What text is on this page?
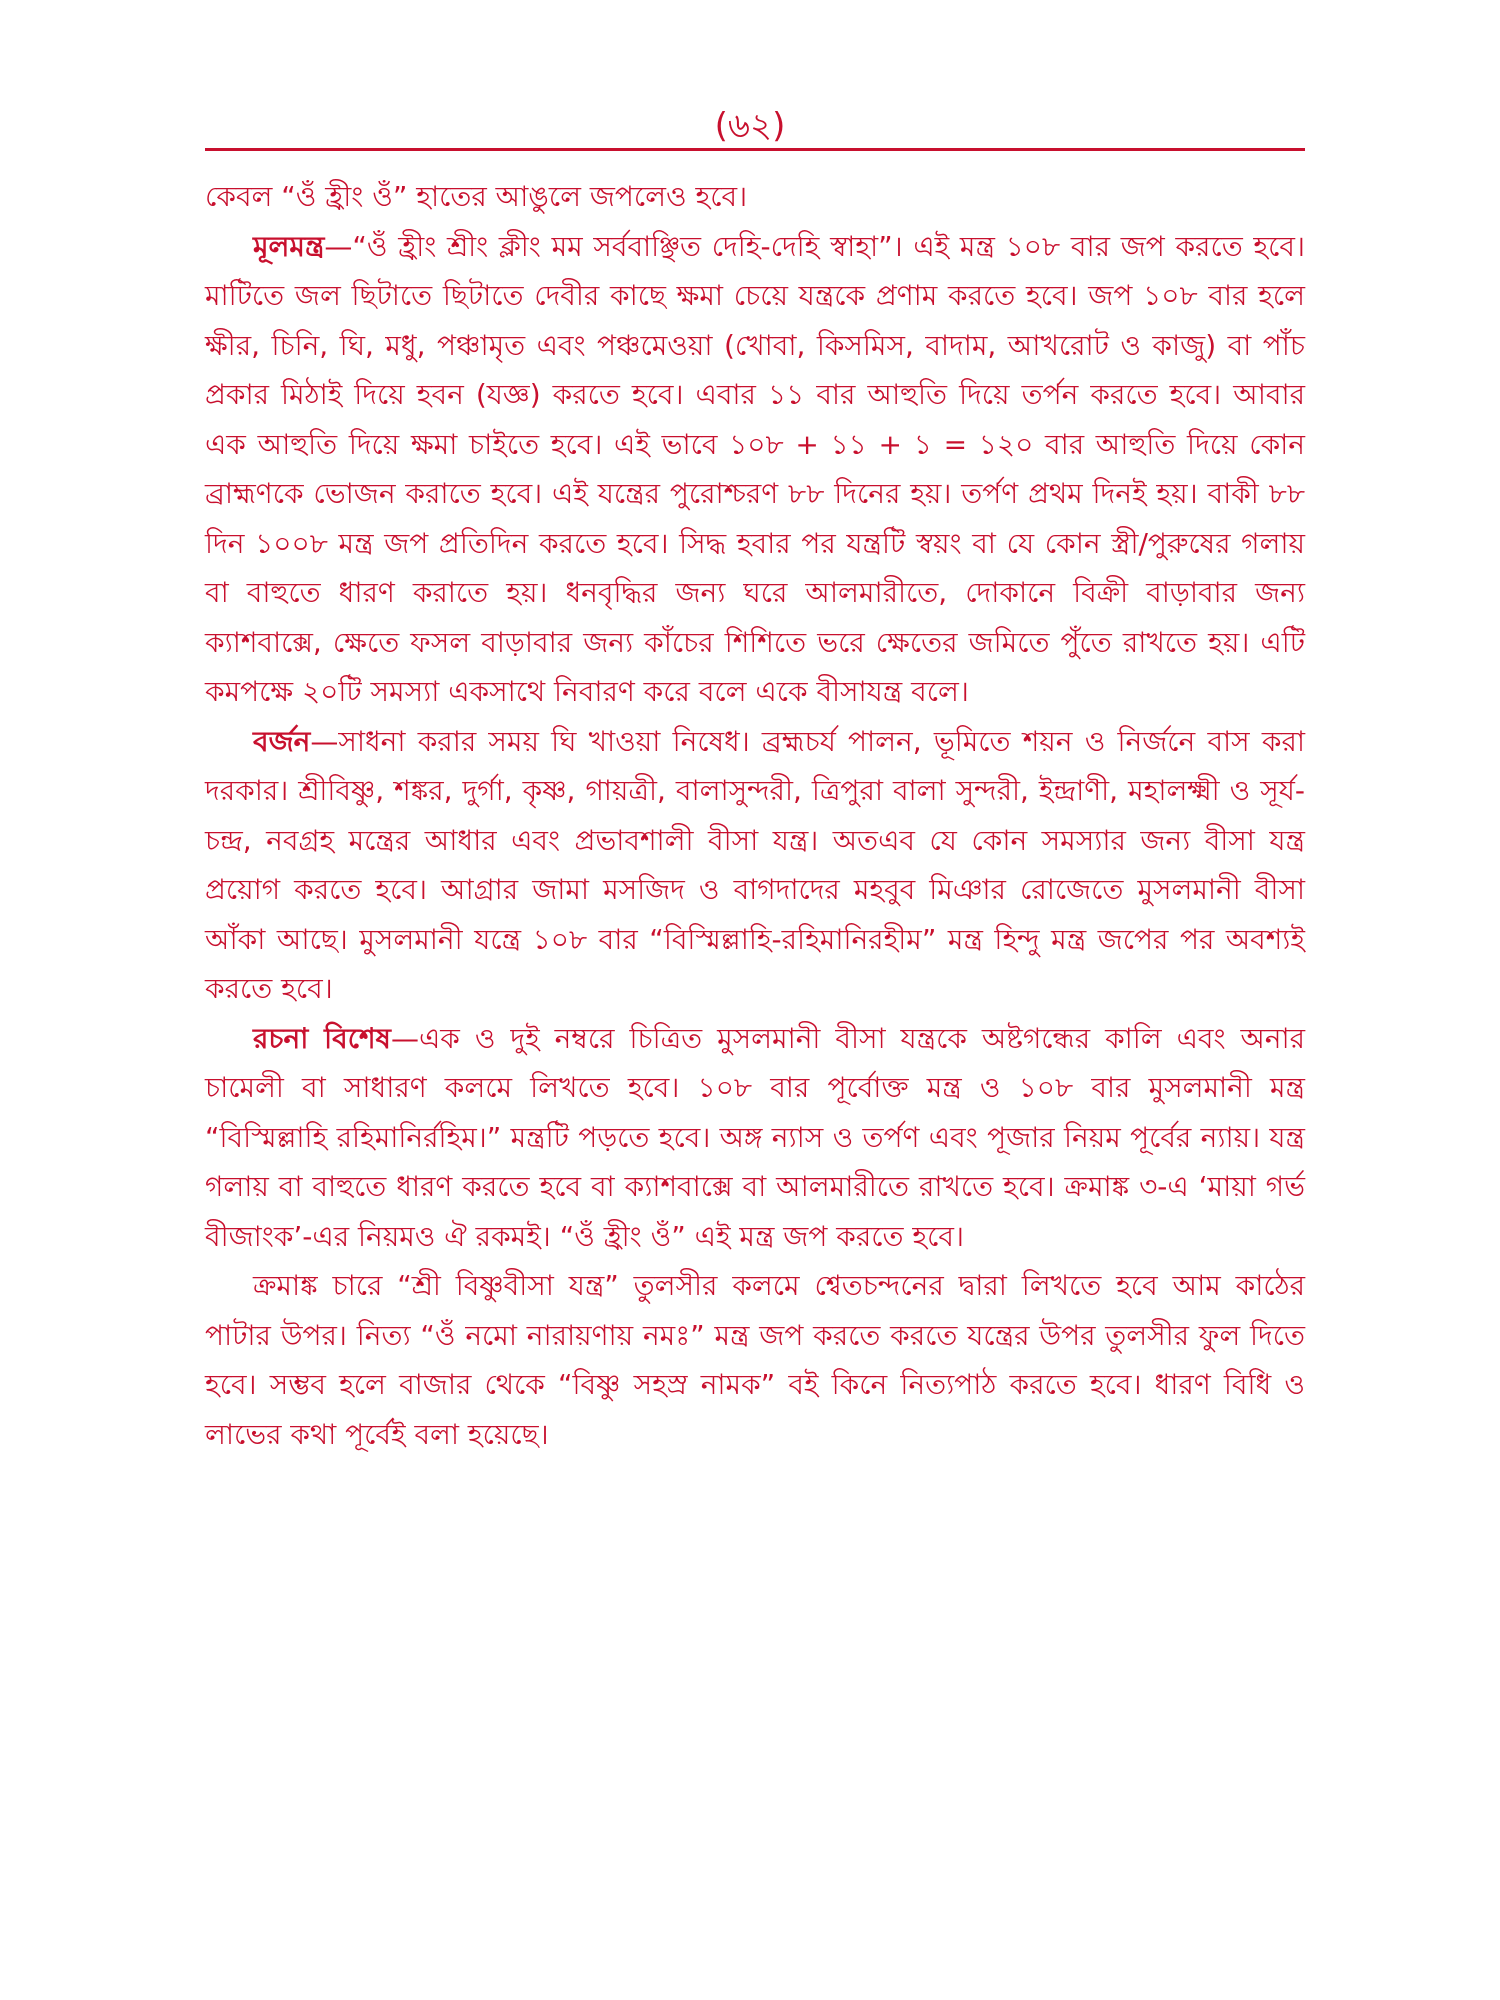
(৬২)

কেবল “ওঁ হ্রীং ওঁ” হাতের আঙুলে জপলেও হবে।

মূলমন্ত্র—“ওঁ হ্রীং শ্রীং ক্লীং মম সর্ববাঞ্ছিত দেহি-দেহি স্বাহা”। এই মন্ত্র ১০৮ বার জপ করতে হবে। মাটিতে জল ছিটাতে ছিটাতে দেবীর কাছে ক্ষমা চেয়ে যন্ত্রকে প্রণাম করতে হবে। জপ ১০৮ বার হলে ক্ষীর, চিনি, ঘি, মধু, পঞ্চামৃত এবং পঞ্চমেওয়া (খোবা, কিসমিস, বাদাম, আখরোট ও কাজু) বা পাঁচ প্রকার মিঠাই দিয়ে হবন (যজ্ঞ) করতে হবে। এবার ১১ বার আহুতি দিয়ে তর্পন করতে হবে। আবার এক আহুতি দিয়ে ক্ষমা চাইতে হবে। এই ভাবে ১০৮ + ১১ + ১ = ১২০ বার আহুতি দিয়ে কোন ব্রাহ্মণকে ভোজন করাতে হবে। এই যন্ত্রের পুরোশ্চরণ ৮৮ দিনের হয়। তর্পণ প্রথম দিনই হয়। বাকী ৮৮ দিন ১০০৮ মন্ত্র জপ প্রতিদিন করতে হবে। সিদ্ধ হবার পর যন্ত্রটি স্বয়ং বা যে কোন স্ত্রী/পুরুষের গলায় বা বাহুতে ধারণ করাতে হয়। ধনবৃদ্ধির জন্য ঘরে আলমারীতে, দোকানে বিক্রী বাড়াবার জন্য ক্যাশবাক্সে, ক্ষেতে ফসল বাড়াবার জন্য কাঁচের শিশিতে ভরে ক্ষেতের জমিতে পুঁতে রাখতে হয়। এটি কমপক্ষে ২০টি সমস্যা একসাথে নিবারণ করে বলে একে বীসাযন্ত্র বলে।

বর্জন—সাধনা করার সময় ঘি খাওয়া নিষেধ। ব্রহ্মচর্য পালন, ভূমিতে শয়ন ও নির্জনে বাস করা দরকার। শ্রীবিষ্ণু, শঙ্কর, দুর্গা, কৃষ্ণ, গায়ত্রী, বালাসুন্দরী, ত্রিপুরা বালা সুন্দরী, ইন্দ্রাণী, মহালক্ষ্মী ও সূর্য-চন্দ্র, নবগ্রহ মন্ত্রের আধার এবং প্রভাবশালী বীসা যন্ত্র। অতএব যে কোন সমস্যার জন্য বীসা যন্ত্র প্রয়োগ করতে হবে। আগ্রার জামা মসজিদ ও বাগদাদের মহবুব মিঞার রোজেতে মুসলমানী বীসা আঁকা আছে। মুসলমানী যন্ত্রে ১০৮ বার “বিস্মিল্লাহি-রহিমানিরহীম” মন্ত্র হিন্দু মন্ত্র জপের পর অবশ্যই করতে হবে।

রচনা বিশেষ—এক ও দুই নম্বরে চিত্রিত মুসলমানী বীসা যন্ত্রকে অষ্টগন্ধের কালি এবং অনার চামেলী বা সাধারণ কলমে লিখতে হবে। ১০৮ বার পূর্বোক্ত মন্ত্র ও ১০৮ বার মুসলমানী মন্ত্র “বিস্মিল্লাহি রহিমানির্রহিম।” মন্ত্রটি পড়তে হবে। অঙ্গ ন্যাস ও তর্পণ এবং পূজার নিয়ম পূর্বের ন্যায়। যন্ত্র গলায় বা বাহুতে ধারণ করতে হবে বা ক্যাশবাক্সে বা আলমারীতে রাখতে হবে। ক্রমাঙ্ক ৩-এ ‘মায়া গর্ভ বীজাংক’-এর নিয়মও ঐ রকমই। “ওঁ হ্রীং ওঁ” এই মন্ত্র জপ করতে হবে।

ক্রমাঙ্ক চারে “শ্রী বিষ্ণুবীসা যন্ত্র” তুলসীর কলমে শ্বেতচন্দনের দ্বারা লিখতে হবে আম কাঠের পাটার উপর। নিত্য “ওঁ নমো নারায়ণায় নমঃ” মন্ত্র জপ করতে করতে যন্ত্রের উপর তুলসীর ফুল দিতে হবে। সম্ভব হলে বাজার থেকে “বিষ্ণু সহস্র নামক” বই কিনে নিত্যপাঠ করতে হবে। ধারণ বিধি ও লাভের কথা পূর্বেই বলা হয়েছে।
